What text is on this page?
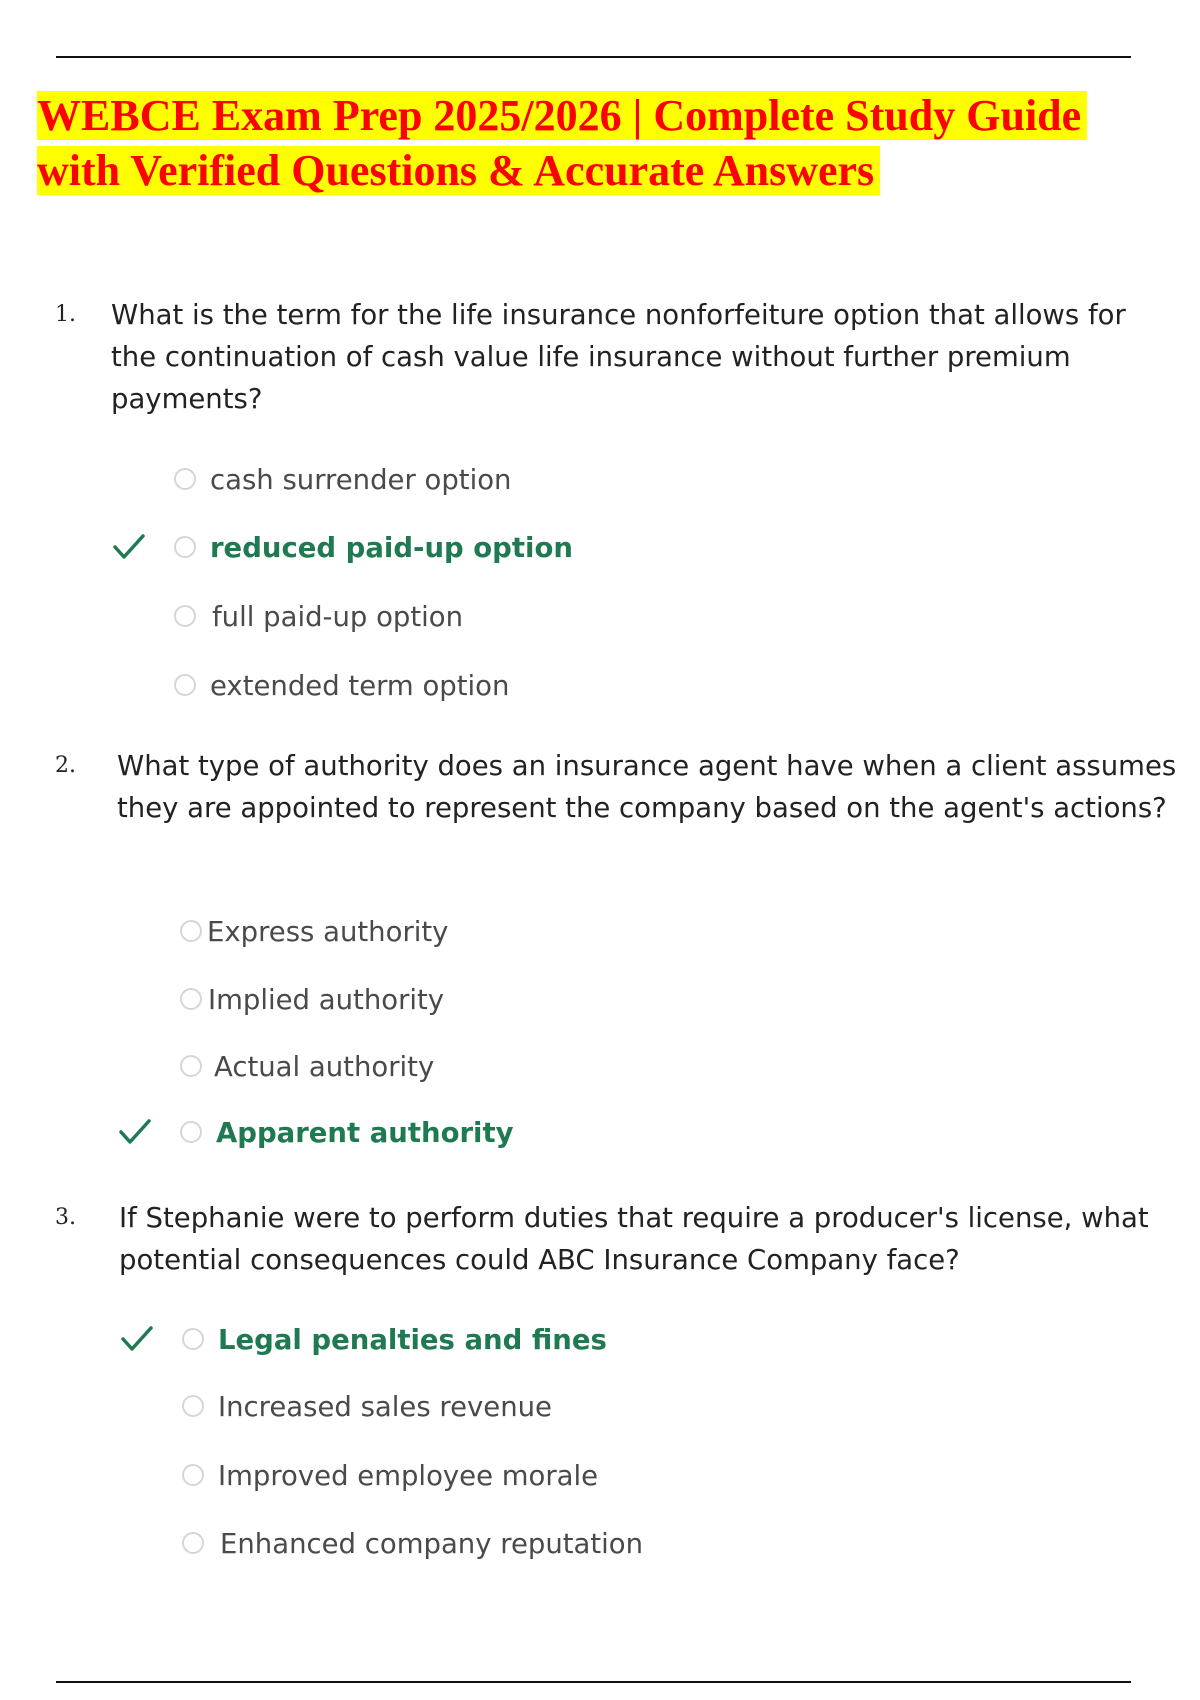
WEBCE Exam Prep 2025/2026 | Complete Study Guide
with Verified Questions & Accurate Answers
1. What is the term for the life insurance nonforfeiture option that allows for the continuation of cash value life insurance without further premium payments?

cash surrender option
reduced paid-up option
full paid-up option
extended term option
2. What type of authority does an insurance agent have when a client assumes they are appointed to represent the company based on the agent's actions?

Express authority
Implied authority
Actual authority
Apparent authority
3. If Stephanie were to perform duties that require a producer's license, what potential consequences could ABC Insurance Company face?

Legal penalties and fines
Increased sales revenue
Improved employee morale
Enhanced company reputation
